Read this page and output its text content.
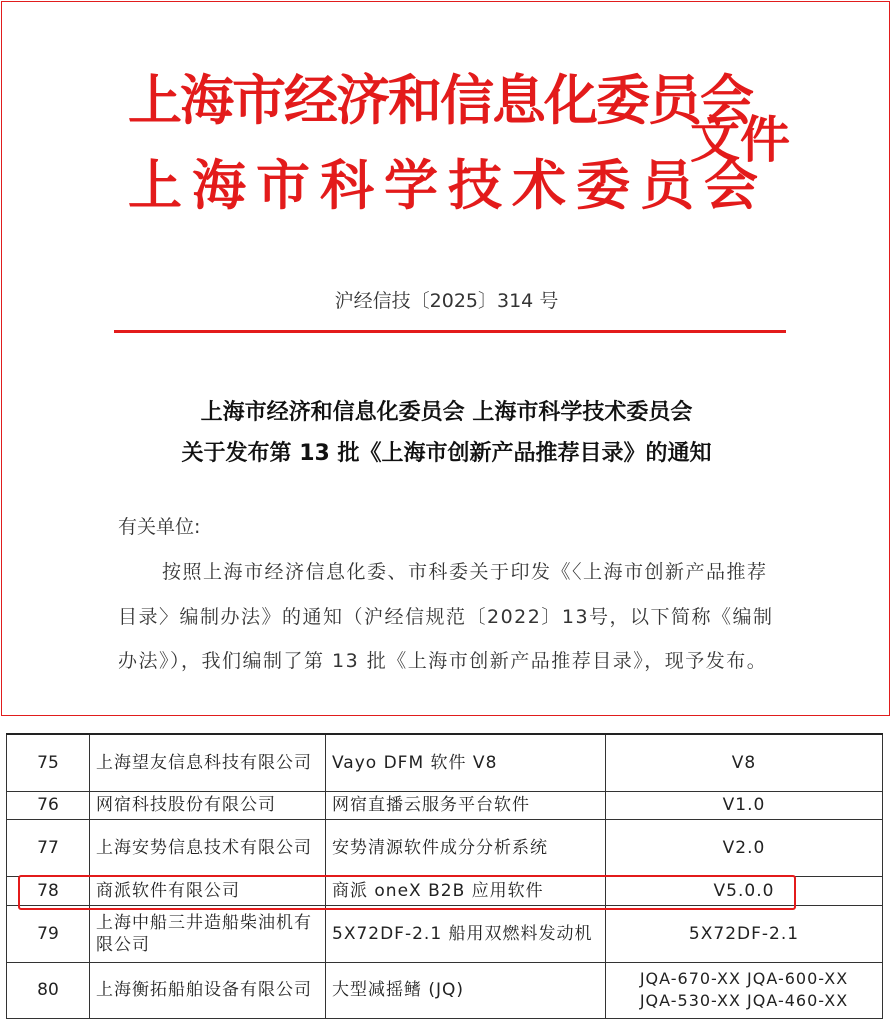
上海市经济和信息化委员会
上海市科学技术委员会
文件
沪经信技〔2025〕314 号
上海市经济和信息化委员会 上海市科学技术委员会
关于发布第 13 批《上海市创新产品推荐目录》的通知
有关单位:
按照上海市经济信息化委、市科委关于印发《〈上海市创新产品推荐目录〉编制办法》的通知（沪经信规范〔2022〕13号，以下简称《编制办法》），我们编制了第 13 批《上海市创新产品推荐目录》，现予发布。
75	上海望友信息科技有限公司	Vayo DFM 软件 V8	V8
76	网宿科技股份有限公司	网宿直播云服务平台软件	V1.0
77	上海安势信息技术有限公司	安势清源软件成分分析系统	V2.0
78	商派软件有限公司	商派 oneX B2B 应用软件	V5.0.0
79	上海中船三井造船柴油机有限公司	5X72DF-2.1 船用双燃料发动机	5X72DF-2.1
80	上海衡拓船舶设备有限公司	大型减摇鳍 (JQ)	JQA-670-XX JQA-600-XX
JQA-530-XX JQA-460-XX
